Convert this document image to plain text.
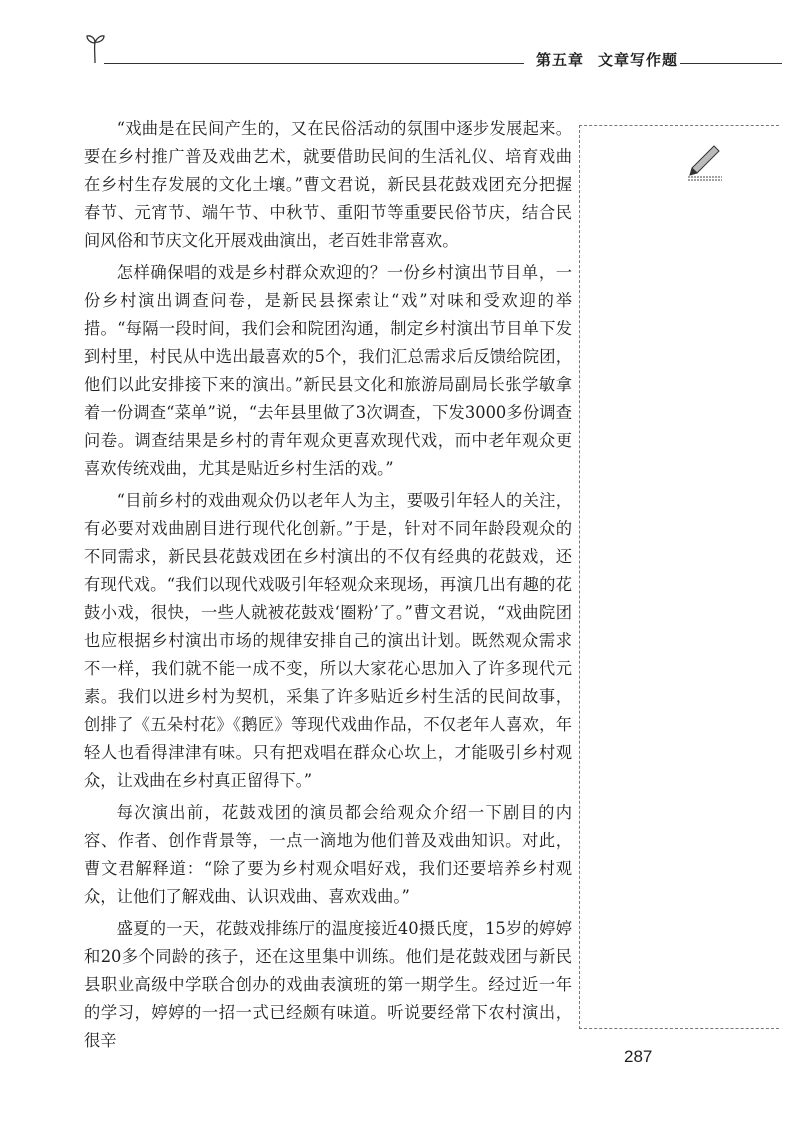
第五章 文章写作题

“戏曲是在民间产生的，又在民俗活动的氛围中逐步发展起来。要在乡村推广普及戏曲艺术，就要借助民间的生活礼仪、培育戏曲在乡村生存发展的文化土壤。”曹文君说，新民县花鼓戏团充分把握春节、元宵节、端午节、中秋节、重阳节等重要民俗节庆，结合民间风俗和节庆文化开展戏曲演出，老百姓非常喜欢。

怎样确保唱的戏是乡村群众欢迎的？一份乡村演出节目单，一份乡村演出调查问卷，是新民县探索让“戏”对味和受欢迎的举措。“每隔一段时间，我们会和院团沟通，制定乡村演出节目单下发到村里，村民从中选出最喜欢的5个，我们汇总需求后反馈给院团，他们以此安排接下来的演出。”新民县文化和旅游局副局长张学敏拿着一份调查“菜单”说，“去年县里做了3次调查，下发3000多份调查问卷。调查结果是乡村的青年观众更喜欢现代戏，而中老年观众更喜欢传统戏曲，尤其是贴近乡村生活的戏。”

“目前乡村的戏曲观众仍以老年人为主，要吸引年轻人的关注，有必要对戏曲剧目进行现代化创新。”于是，针对不同年龄段观众的不同需求，新民县花鼓戏团在乡村演出的不仅有经典的花鼓戏，还有现代戏。“我们以现代戏吸引年轻观众来现场，再演几出有趣的花鼓小戏，很快，一些人就被花鼓戏‘圈粉’了。”曹文君说，“戏曲院团也应根据乡村演出市场的规律安排自己的演出计划。既然观众需求不一样，我们就不能一成不变，所以大家花心思加入了许多现代元素。我们以进乡村为契机，采集了许多贴近乡村生活的民间故事，创排了《五朵村花》《鹅匠》等现代戏曲作品，不仅老年人喜欢，年轻人也看得津津有味。只有把戏唱在群众心坎上，才能吸引乡村观众，让戏曲在乡村真正留得下。”

每次演出前，花鼓戏团的演员都会给观众介绍一下剧目的内容、作者、创作背景等，一点一滴地为他们普及戏曲知识。对此，曹文君解释道：“除了要为乡村观众唱好戏，我们还要培养乡村观众，让他们了解戏曲、认识戏曲、喜欢戏曲。”

盛夏的一天，花鼓戏排练厅的温度接近40摄氏度，15岁的婷婷和20多个同龄的孩子，还在这里集中训练。他们是花鼓戏团与新民县职业高级中学联合创办的戏曲表演班的第一期学生。经过近一年的学习，婷婷的一招一式已经颇有味道。听说要经常下农村演出，很辛

287
